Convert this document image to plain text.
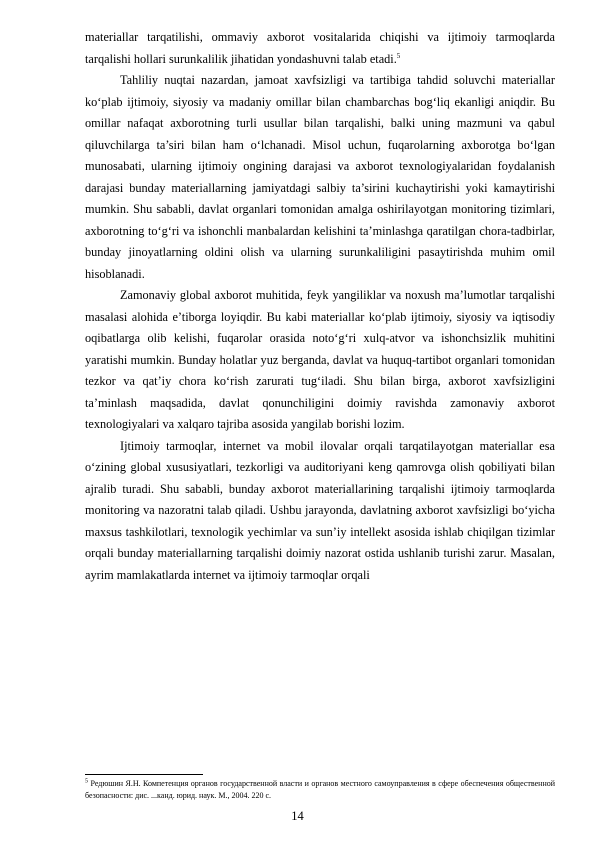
materiallar tarqatilishi, ommaviy axborot vositalarida chiqishi va ijtimoiy tarmoqlarda tarqalishi hollari surunkalilik jihatidan yondashuvni talab etadi.$^5$

Tahliliy nuqtai nazardan, jamoat xavfsizligi va tartibiga tahdid soluvchi materiallar ko‘plab ijtimoiy, siyosiy va madaniy omillar bilan chambarchas bog‘liq ekanligi aniqdir. Bu omillar nafaqat axborotning turli usullar bilan tarqalishi, balki uning mazmuni va qabul qiluvchilarga ta’siri bilan ham o‘lchanadi. Misol uchun, fuqarolarning axborotga bo‘lgan munosabati, ularning ijtimoiy ongining darajasi va axborot texnologiyalaridan foydalanish darajasi bunday materiallarning jamiyatdagi salbiy ta’sirini kuchaytirishi yoki kamaytirishi mumkin. Shu sababli, davlat organlari tomonidan amalga oshirilayotgan monitoring tizimlari, axborotning to‘g‘ri va ishonchli manbalardan kelishini ta’minlashga qaratilgan chora-tadbirlar, bunday jinoyatlarning oldini olish va ularning surunkaliligini pasaytirishda muhim omil hisoblanadi.

Zamonaviy global axborot muhitida, feyk yangiliklar va noxush ma’lumotlar tarqalishi masalasi alohida e’tiborga loyiqdir. Bu kabi materiallar ko‘plab ijtimoiy, siyosiy va iqtisodiy oqibatlarga olib kelishi, fuqarolar orasida noto‘g‘ri xulq-atvor va ishonchsizlik muhitini yaratishi mumkin. Bunday holatlar yuz berganda, davlat va huquq-tartibot organlari tomonidan tezkor va qat’iy chora ko‘rish zarurati tug‘iladi. Shu bilan birga, axborot xavfsizligini ta’minlash maqsadida, davlat qonunchiligini doimiy ravishda zamonaviy axborot texnologiyalari va xalqaro tajriba asosida yangilab borishi lozim.

Ijtimoiy tarmoqlar, internet va mobil ilovalar orqali tarqatilayotgan materiallar esa o‘zining global xususiyatlari, tezkorligi va auditoriyani keng qamrovga olish qobiliyati bilan ajralib turadi. Shu sababli, bunday axborot materiallarining tarqalishi ijtimoiy tarmoqlarda monitoring va nazoratni talab qiladi. Ushbu jarayonda, davlatning axborot xavfsizligi bo‘yicha maxsus tashkilotlari, texnologik yechimlar va sun’iy intellekt asosida ishlab chiqilgan tizimlar orqali bunday materiallarning tarqalishi doimiy nazorat ostida ushlanib turishi zarur. Masalan, ayrim mamlakatlarda internet va ijtimoiy tarmoqlar orqali

$^5$ Редюшин Я.Н. Компетенция органов государственной власти и органов местного самоуправления в сфере обеспечения общественной безопасности: дис. ...канд. юрид. наук. М., 2004. 220 с.

14
